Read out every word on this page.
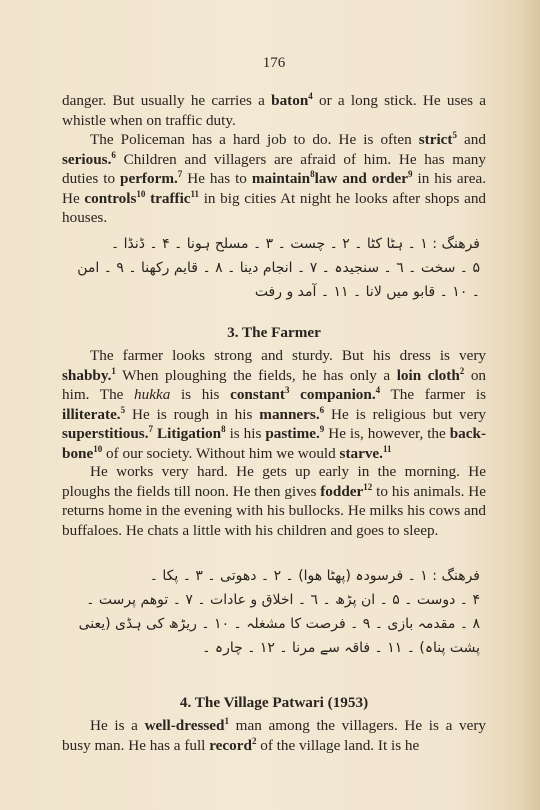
176
danger. But usually he carries a baton$^4$ or a long stick. He uses a whistle when on traffic duty.
The Policeman has a hard job to do. He is often strict$^5$ and serious.$^6$ Children and villagers are afraid of him. He has many duties to perform.$^7$ He has to maintain$^8$law and order$^9$ in his area. He controls$^{10}$ traffic$^{11}$ in big cities At night he looks after shops and houses.
فرھنگ : ۱ ۔ ہٹا کٹا ۔ ۲ ۔ چست ۔ ۳ ۔ مسلح ہونا ۔ ۴ ۔ ڈنڈا ۔
۵ ۔ سخت ۔ ٦ ۔ سنجیدہ ۔ ۷ ۔ انجام دینا ۔ ۸ ۔ قایم رکھنا ۔ ۹ ۔ امن
۔ ۱۰ ۔ قابو میں لانا ۔ ۱۱ ۔ آمد و رفت
3. The Farmer
The farmer looks strong and sturdy. But his dress is very shabby.$^1$ When ploughing the fields, he has only a loin cloth$^2$ on him. The hukka is his constant$^3$ companion.$^4$ The farmer is illiterate.$^5$ He is rough in his manners.$^6$ He is religious but very superstitious.$^7$ Litigation$^8$ is his pastime.$^9$ He is, however, the back-bone$^{10}$ of our society. Without him we would starve.$^{11}$
He works very hard. He gets up early in the morning. He ploughs the fields till noon. He then gives fodder$^{12}$ to his animals. He returns home in the evening with his bullocks. He milks his cows and buffaloes. He chats a little with his children and goes to sleep.
فرھنگ : ۱ ۔ فرسودہ (پھٹا ھوا) ۔ ۲ ۔ دھوتی ۔ ۳ ۔ پکا ۔
۴ ۔ دوست ۔ ۵ ۔ ان پڑھ ۔ ٦ ۔ اخلاق و عادات ۔ ۷ ۔ توھم پرست ۔
۸ ۔ مقدمہ بازی ۔ ۹ ۔ فرصت کا مشغلہ ۔ ۱۰ ۔ ریڑھ کی ہڈی (یعنی
پشت پناہ) ۔ ۱۱ ۔ فاقہ سے مرنا ۔ ۱۲ ۔ چارہ ۔
4. The Village Patwari (1953)
He is a well-dressed$^1$ man among the villagers. He is a very busy man. He has a full record$^2$ of the village land. It is he
